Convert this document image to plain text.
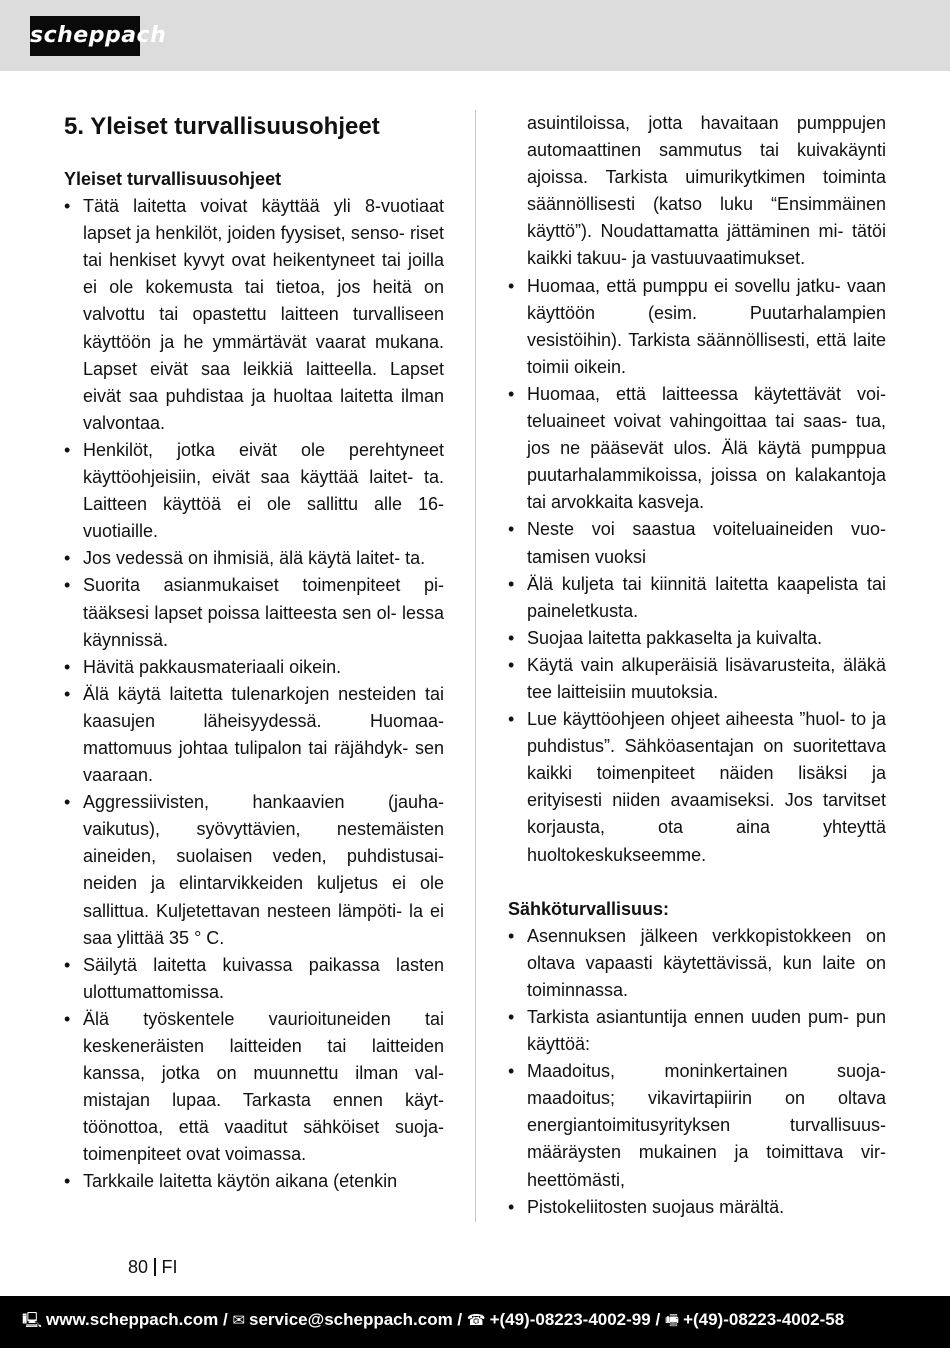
scheppach
5. Yleiset turvallisuusohjeet
Yleiset turvallisuusohjeet
• Tätä laitetta voivat käyttää yli 8-vuotiaat lapset ja henkilöt, joiden fyysiset, senso- riset tai henkiset kyvyt ovat heikentyneet tai joilla ei ole kokemusta tai tietoa, jos heitä on valvottu tai opastettu laitteen turvalliseen käyttöön ja he ymmärtävät vaarat mukana. Lapset eivät saa leikkiä laitteella. Lapset eivät saa puhdistaa ja huoltaa laitetta ilman valvontaa.
• Henkilöt, jotka eivät ole perehtyneet käyttöohjeisiin, eivät saa käyttää laitet- ta. Laitteen käyttöä ei ole sallittu alle 16-vuotiaille.
• Jos vedessä on ihmisiä, älä käytä laitet- ta.
• Suorita asianmukaiset toimenpiteet pi- tääksesi lapset poissa laitteesta sen ol- lessa käynnissä.
• Hävitä pakkausmateriaali oikein.
• Älä käytä laitetta tulenarkojen nesteiden tai kaasujen läheisyydessä. Huomaa- mattomuus johtaa tulipalon tai räjähdyk- sen vaaraan.
• Aggressiivisten, hankaavien (jauha- vaikutus), syövyttävien, nestemäisten aineiden, suolaisen veden, puhdistusai- neiden ja elintarvikkeiden kuljetus ei ole sallittua. Kuljetettavan nesteen lämpöti- la ei saa ylittää 35 ° C.
• Säilytä laitetta kuivassa paikassa lasten ulottumattomissa.
• Älä työskentele vaurioituneiden tai keskeneräisten laitteiden tai laitteiden kanssa, jotka on muunnettu ilman val- mistajan lupaa. Tarkasta ennen käyt- töönottoa, että vaaditut sähköiset suoja- toimenpiteet ovat voimassa.
• Tarkkaile laitetta käytön aikana (etenkin
asuintiloissa, jotta havaitaan pumppujen automaattinen sammutus tai kuivakäynti ajoissa. Tarkista uimurikytkimen toiminta säännöllisesti (katso luku “Ensimmäinen käyttö”). Noudattamatta jättäminen mi- tätöi kaikki takuu- ja vastuuvaatimukset.
• Huomaa, että pumppu ei sovellu jatku- vaan käyttöön (esim. Puutarhalampien vesistöihin). Tarkista säännöllisesti, että laite toimii oikein.
• Huomaa, että laitteessa käytettävät voi- teluaineet voivat vahingoittaa tai saas- tua, jos ne pääsevät ulos. Älä käytä pumppua puutarhalammikoissa, joissa on kalakantoja tai arvokkaita kasveja.
• Neste voi saastua voiteluaineiden vuo- tamisen vuoksi
• Älä kuljeta tai kiinnitä laitetta kaapelista tai paineletkusta.
• Suojaa laitetta pakkaselta ja kuivalta.
• Käytä vain alkuperäisiä lisävarusteita, äläkä tee laitteisiin muutoksia.
• Lue käyttöohjeen ohjeet aiheesta ”huol- to ja puhdistus”. Sähköasentajan on suoritettava kaikki toimenpiteet näiden lisäksi ja erityisesti niiden avaamiseksi. Jos tarvitset korjausta, ota aina yhteyttä huoltokeskukseemme.
Sähköturvallisuus:
• Asennuksen jälkeen verkkopistokkeen on oltava vapaasti käytettävissä, kun laite on toiminnassa.
• Tarkista asiantuntija ennen uuden pum- pun käyttöä:
• Maadoitus, moninkertainen suoja- maadoitus; vikavirtapiirin on oltava energiantoimitusyrityksen turvallisuus- määräysten mukainen ja toimittava vir- heettömästi,
• Pistokeliitosten suojaus märältä.
80 FI
🖳 www.scheppach.com / ✉ service@scheppach.com / ☎ +(49)-08223-4002-99 / 🖷 +(49)-08223-4002-58
